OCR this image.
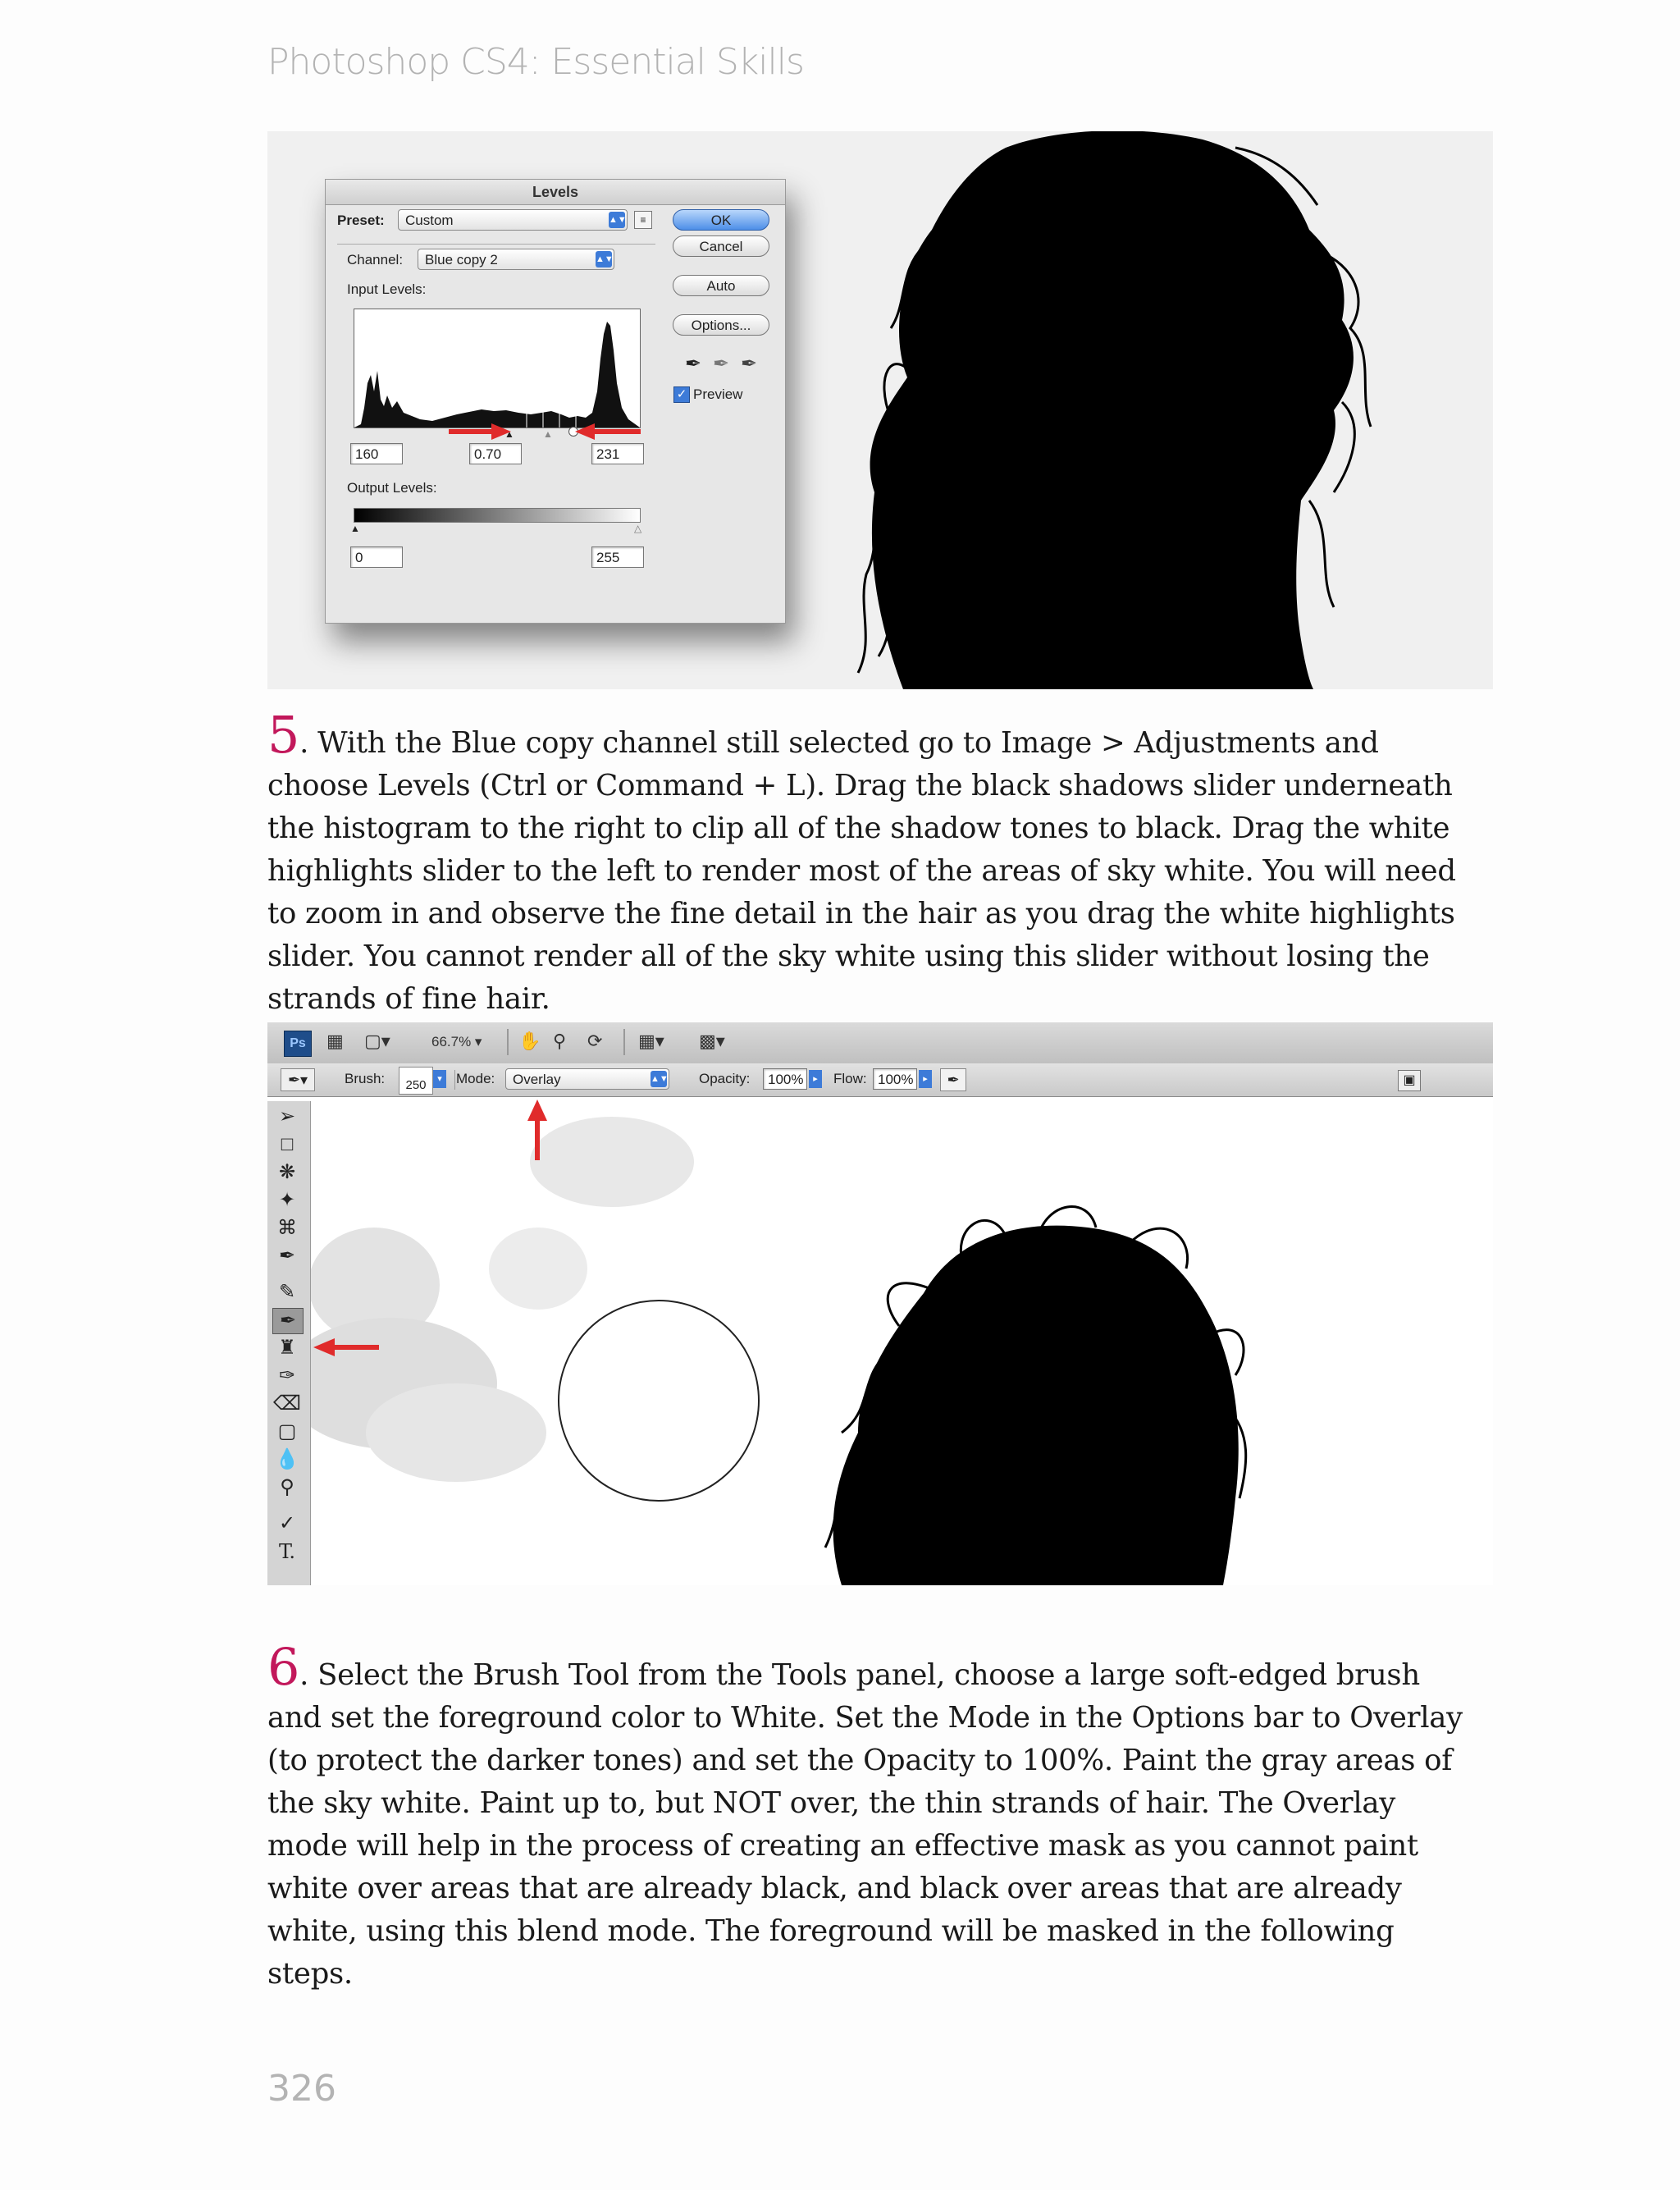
Photoshop CS4: Essential Skills
Levels
Preset:	Custom	▲▼	≡
Channel:	Blue copy 2	▲▼
Input Levels:
▲	▲
160	0.70	231
Output Levels:
▲	△
0	255
OK
Cancel
Auto
Options...
✒ ✒ ✒
✓ Preview

5. With the Blue copy channel still selected go to Image > Adjustments and choose Levels (Ctrl or Command + L). Drag the black shadows slider underneath the histogram to the right to clip all of the shadow tones to black. Drag the white highlights slider to the left to render most of the areas of sky white. You will need to zoom in and observe the fine detail in the hair as you drag the white highlights slider. You cannot render all of the sky white using this slider without losing the strands of fine hair.

Ps	▦ ▢▾	66.7% ▾ ✋ ⚲ ⟳ ▦▾ ▩▾
✒▾	Brush:	250	▾	Mode:	Overlay	▲▼ Opacity:	100%	▸	Flow: 100%	▸	✒	▣
➢
□
❋
✦
⌘
✒
✎
✒
♜
✑
⌫
▢
💧
⚲
✓
T.

6. Select the Brush Tool from the Tools panel, choose a large soft-edged brush and set the foreground color to White. Set the Mode in the Options bar to Overlay (to protect the darker tones) and set the Opacity to 100%. Paint the gray areas of the sky white. Paint up to, but NOT over, the thin strands of hair. The Overlay mode will help in the process of creating an effective mask as you cannot paint white over areas that are already black, and black over areas that are already white, using this blend mode. The foreground will be masked in the following steps.

326
